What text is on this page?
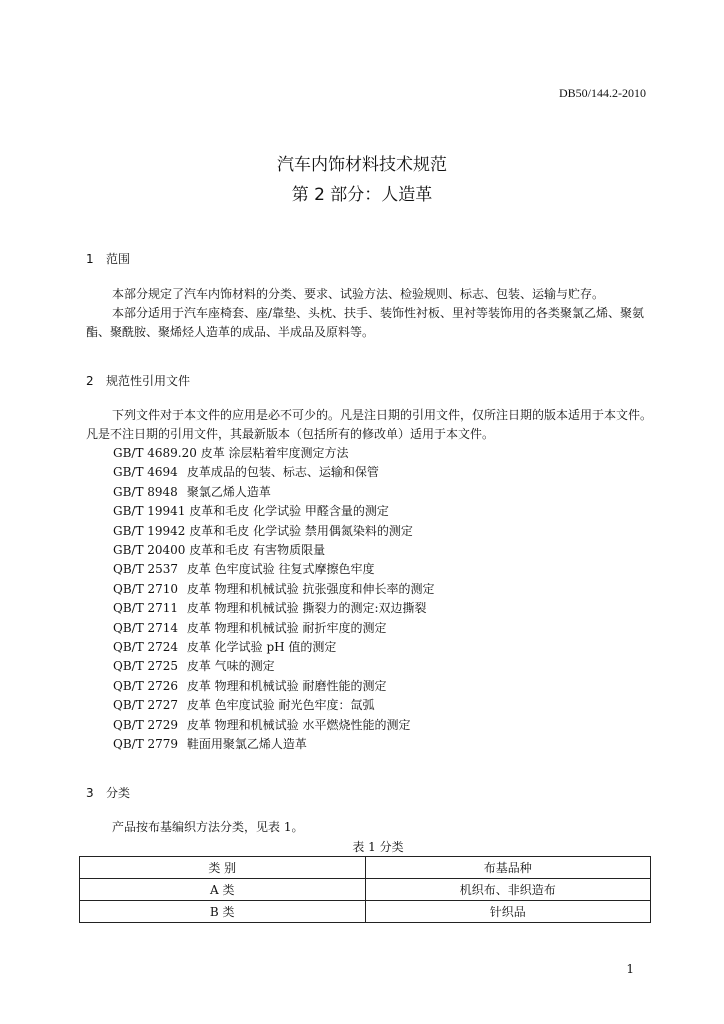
DB50/144.2-2010
汽车内饰材料技术规范
第 2 部分：人造革
1 范围

本部分规定了汽车内饰材料的分类、要求、试验方法、检验规则、标志、包装、运输与贮存。

本部分适用于汽车座椅套、座/靠垫、头枕、扶手、装饰性衬板、里衬等装饰用的各类聚氯乙烯、聚氨酯、聚酰胺、聚烯烃人造革的成品、半成品及原料等。

2 规范性引用文件

下列文件对于本文件的应用是必不可少的。凡是注日期的引用文件，仅所注日期的版本适用于本文件。凡是不注日期的引用文件，其最新版本（包括所有的修改单）适用于本文件。

GB/T 4689.20 皮革 涂层粘着牢度测定方法
GB/T 4694 皮革成品的包装、标志、运输和保管
GB/T 8948 聚氯乙烯人造革
GB/T 19941 皮革和毛皮 化学试验 甲醛含量的测定
GB/T 19942 皮革和毛皮 化学试验 禁用偶氮染料的测定
GB/T 20400 皮革和毛皮 有害物质限量
QB/T 2537 皮革 色牢度试验 往复式摩擦色牢度
QB/T 2710 皮革 物理和机械试验 抗张强度和伸长率的测定
QB/T 2711 皮革 物理和机械试验 撕裂力的测定:双边撕裂
QB/T 2714 皮革 物理和机械试验 耐折牢度的测定
QB/T 2724 皮革 化学试验 pH 值的测定
QB/T 2725 皮革 气味的测定
QB/T 2726 皮革 物理和机械试验 耐磨性能的测定
QB/T 2727 皮革 色牢度试验 耐光色牢度：氙弧
QB/T 2729 皮革 物理和机械试验 水平燃烧性能的测定
QB/T 2779 鞋面用聚氯乙烯人造革
3 分类

产品按布基编织方法分类，见表 1。

表 1 分类
类 别	布基品种
A 类	机织布、非织造布
B 类	针织品
1
